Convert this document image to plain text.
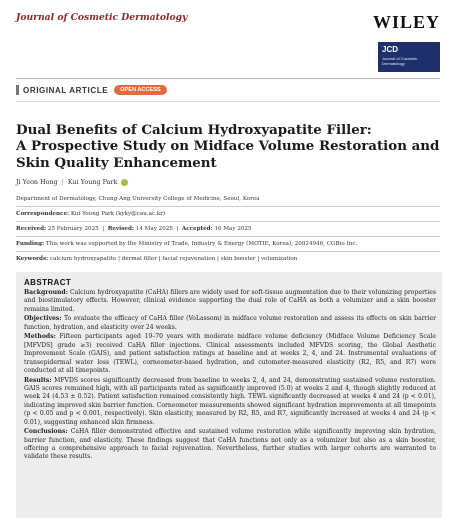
Journal of Cosmetic Dermatology	WILEY
JCD
Journal of Cosmetic Dermatology
ORIGINAL ARTICLE	OPEN ACCESS
Dual Benefits of Calcium Hydroxyapatite Filler:
A Prospective Study on Midface Volume Restoration and
Skin Quality Enhancement
Ji Yeon Hong | Kui Young Park
Department of Dermatology, Chung-Ang University College of Medicine, Seoul, Korea
Correspondence: Kui Young Park (kyky@cau.ac.kr)
Received: 25 February 2025  |  Revised: 14 May 2025  |  Accepted: 16 May 2025
Funding: This work was supported by the Ministry of Trade, Industry & Energy (MOTIE, Korea), 20024946, CGBio Inc.
Keywords: calcium hydroxyapatite | dermal filler | facial rejuvenation | skin booster | volumization
ABSTRACT

Background: Calcium hydroxyapatite (CaHA) fillers are widely used for soft-tissue augmentation due to their volumizing properties and biostimulatory effects. However, clinical evidence supporting the dual role of CaHA as both a volumizer and a skin booster remains limited.

Objectives: To evaluate the efficacy of CaHA filler (VoLassom) in midface volume restoration and assess its effects on skin barrier function, hydration, and elasticity over 24 weeks.

Methods: Fifteen participants aged 19–70 years with moderate midface volume deficiency (Midface Volume Deficiency Scale [MFVDS] grade ≥3) received CaHA filler injections. Clinical assessments included MFVDS scoring, the Global Aesthetic Improvement Scale (GAIS), and patient satisfaction ratings at baseline and at weeks 2, 4, and 24. Instrumental evaluations of transepidermal water loss (TEWL), corneometer-based hydration, and cutometer-measured elasticity (R2, R5, and R7) were conducted at all timepoints.

Results: MFVDS scores significantly decreased from baseline to weeks 2, 4, and 24, demonstrating sustained volume restoration. GAIS scores remained high, with all participants rated as significantly improved (5.0) at weeks 2 and 4, though slightly reduced at week 24 (4.53 ± 0.52). Patient satisfaction remained consistently high. TEWL significantly decreased at weeks 4 and 24 (p < 0.01), indicating improved skin barrier function. Corneometer measurements showed significant hydration improvements at all timepoints (p < 0.05 and p < 0.001, respectively). Skin elasticity, measured by R2, R5, and R7, significantly increased at weeks 4 and 24 (p < 0.01), suggesting enhanced skin firmness.

Conclusions: CaHA filler demonstrated effective and sustained volume restoration while significantly improving skin hydration, barrier function, and elasticity. These findings suggest that CaHA functions not only as a volumizer but also as a skin booster, offering a comprehensive approach to facial rejuvenation. Nevertheless, further studies with larger cohorts are warranted to validate these results.
